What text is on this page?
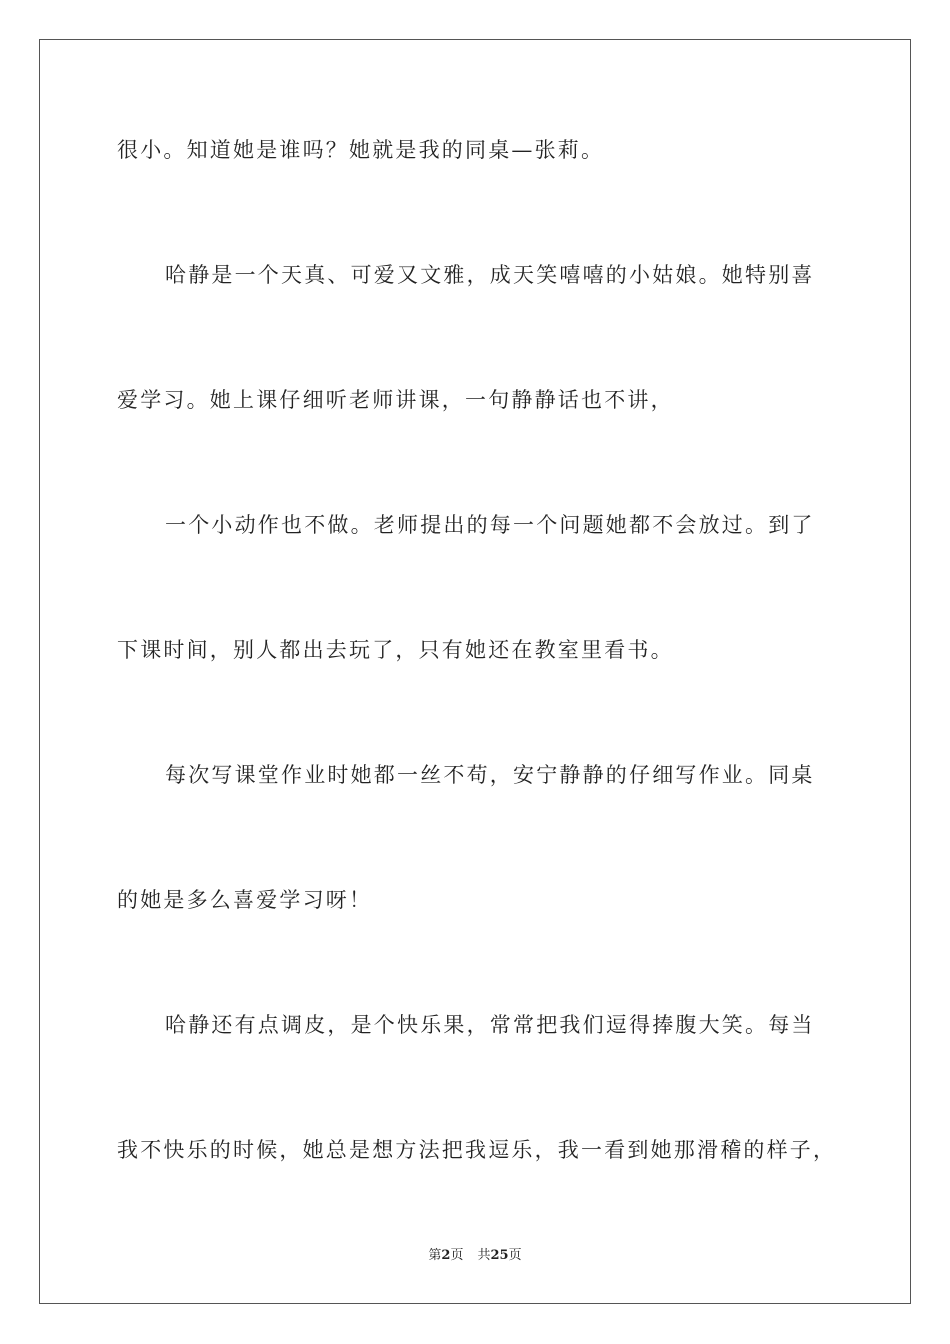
很小。知道她是谁吗？她就是我的同桌—张莉。
哈静是一个天真、可爱又文雅，成天笑嘻嘻的小姑娘。她特别喜
爱学习。她上课仔细听老师讲课，一句静静话也不讲，
一个小动作也不做。老师提出的每一个问题她都不会放过。到了
下课时间，别人都出去玩了，只有她还在教室里看书。
每次写课堂作业时她都一丝不苟，安宁静静的仔细写作业。同桌
的她是多么喜爱学习呀！
哈静还有点调皮，是个快乐果，常常把我们逗得捧腹大笑。每当
我不快乐的时候，她总是想方法把我逗乐，我一看到她那滑稽的样子，
第2页 共25页
